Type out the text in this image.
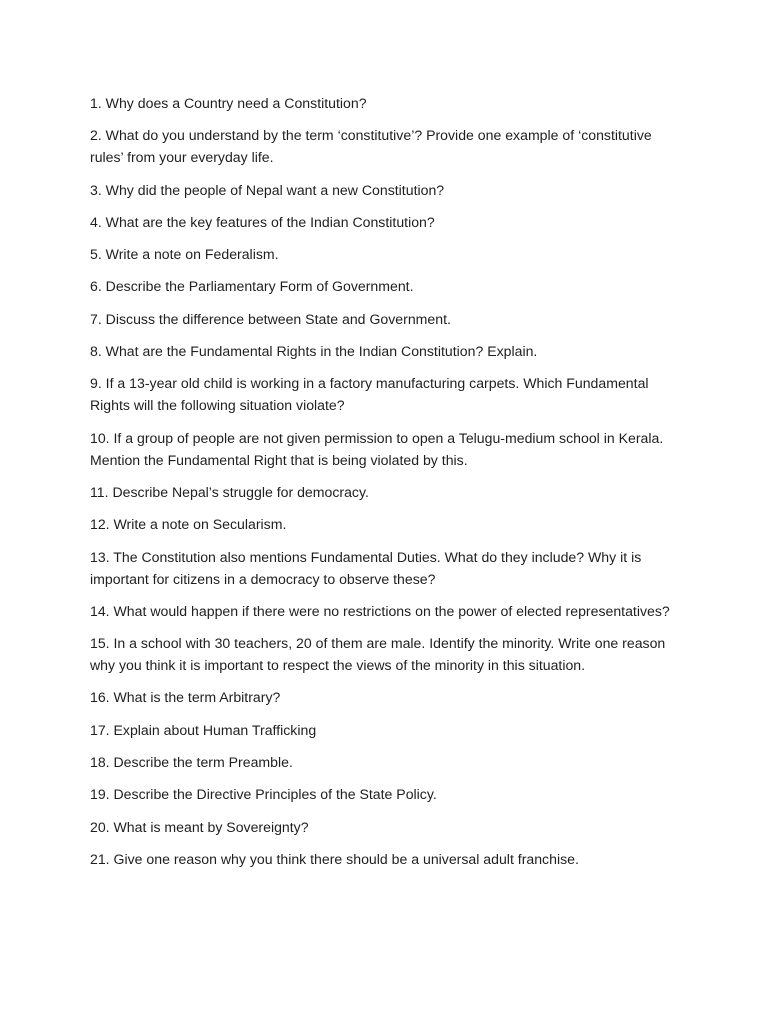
1. Why does a Country need a Constitution?
2. What do you understand by the term ‘constitutive’? Provide one example of ‘constitutive rules’ from your everyday life.
3. Why did the people of Nepal want a new Constitution?
4. What are the key features of the Indian Constitution?
5. Write a note on Federalism.
6. Describe the Parliamentary Form of Government.
7. Discuss the difference between State and Government.
8. What are the Fundamental Rights in the Indian Constitution? Explain.
9. If a 13-year old child is working in a factory manufacturing carpets. Which Fundamental Rights will the following situation violate?
10. If a group of people are not given permission to open a Telugu-medium school in Kerala. Mention the Fundamental Right that is being violated by this.
11. Describe Nepal’s struggle for democracy.
12. Write a note on Secularism.
13. The Constitution also mentions Fundamental Duties. What do they include? Why it is important for citizens in a democracy to observe these?
14. What would happen if there were no restrictions on the power of elected representatives?
15. In a school with 30 teachers, 20 of them are male. Identify the minority. Write one reason why you think it is important to respect the views of the minority in this situation.
16. What is the term Arbitrary?
17. Explain about Human Trafficking
18. Describe the term Preamble.
19. Describe the Directive Principles of the State Policy.
20. What is meant by Sovereignty?
21. Give one reason why you think there should be a universal adult franchise.
